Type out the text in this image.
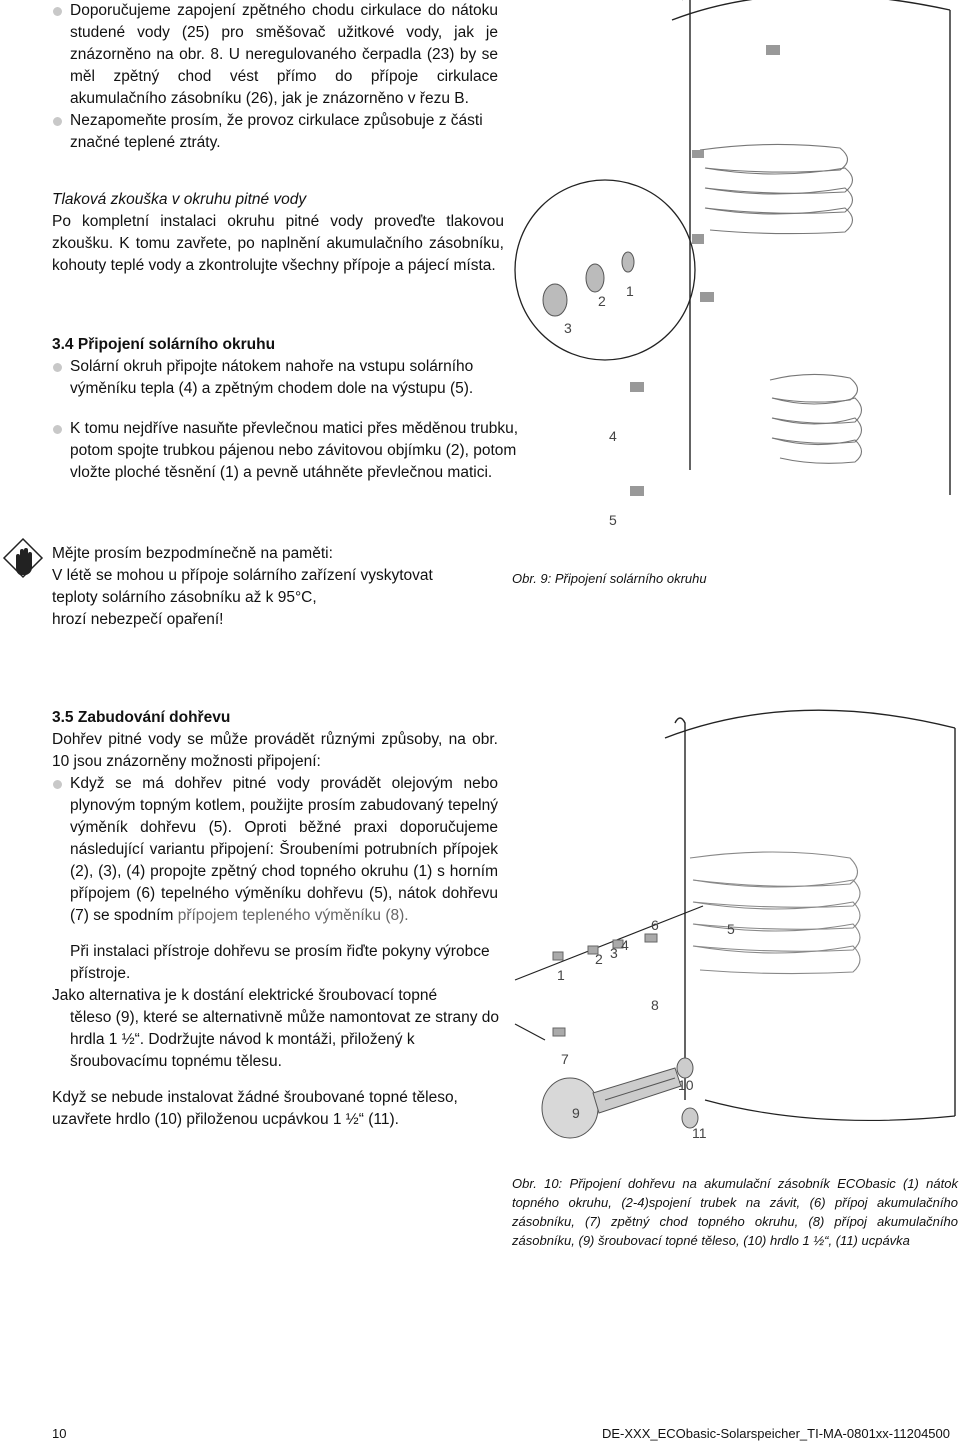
Doporučujeme zapojení zpětného chodu cirkulace do nátoku studené vody (25) pro směšovač užitkové vody, jak je znázorněno na obr. 8. U neregulovaného čerpadla (23) by se měl zpětný chod vést přímo do přípoje cirkulace akumulačního zásobníku (26), jak je znázorněno v řezu B.
Nezapomeňte prosím, že provoz cirkulace způsobuje z části značné teplené ztráty.
Tlaková zkouška v okruhu pitné vody
Po kompletní instalaci okruhu pitné vody proveďte tlakovou zkoušku. K tomu zavřete, po naplnění akumulačního zásobníku, kohouty teplé vody a zkontrolujte všechny přípoje a pájecí místa.
3.4 Připojení solárního okruhu
Solární okruh připojte nátokem nahoře na vstupu solárního výměníku tepla (4) a zpětným chodem dole na výstupu (5).
K tomu nejdříve nasuňte převlečnou matici přes měděnou trubku, potom spojte trubkou pájenou nebo závitovou objímku (2), potom vložte ploché těsnění (1) a pevně utáhněte převlečnou matici.
Mějte prosím bezpodmínečně na paměti:
V létě se mohou u přípoje solárního zařízení vyskytovat teploty solárního zásobníku až k 95°C,
hrozí nebezpečí opaření!
3
2
1
4
5
Obr. 9: Připojení solárního okruhu
3.5 Zabudování dohřevu
Dohřev pitné vody se může provádět různými způsoby, na obr. 10 jsou znázorněny možnosti připojení:
Když se má dohřev pitné vody provádět olejovým nebo plynovým topným kotlem, použijte prosím zabudovaný tepelný výměník dohřevu (5). Oproti běžné praxi doporučujeme následující variantu připojení: Šroubeními potrubních přípojek (2), (3), (4) propojte zpětný chod topného okruhu (1) s horním přípojem (6) tepelného výměníku dohřevu (5), nátok dohřevu (7) se spodním přípojem tepleného výměníku (8).
Při instalaci přístroje dohřevu se prosím řiďte pokyny výrobce přístroje.
Jako alternativa je k dostání elektrické šroubovací topné
těleso (9), které se alternativně může namontovat ze strany do hrdla 1 ½“. Dodržujte návod k montáži, přiložený k šroubovacímu topnému tělesu.
Když se nebude instalovat žádné šroubované topné těleso, uzavřete hrdlo (10) přiloženou ucpávkou 1 ½“ (11).
1
2 3 4
5
6
7
8
9
10
11
Obr. 10: Připojení dohřevu na akumulační zásobník ECObasic (1) nátok topného okruhu, (2-4)spojení trubek na závit, (6) přípoj akumulačního zásobníku, (7) zpětný chod topného okruhu, (8) přípoj akumulačního zásobníku, (9) šroubovací topné těleso, (10) hrdlo 1 ½“, (11) ucpávka
10	DE-XXX_ECObasic-Solarspeicher_TI-MA-0801xx-11204500
